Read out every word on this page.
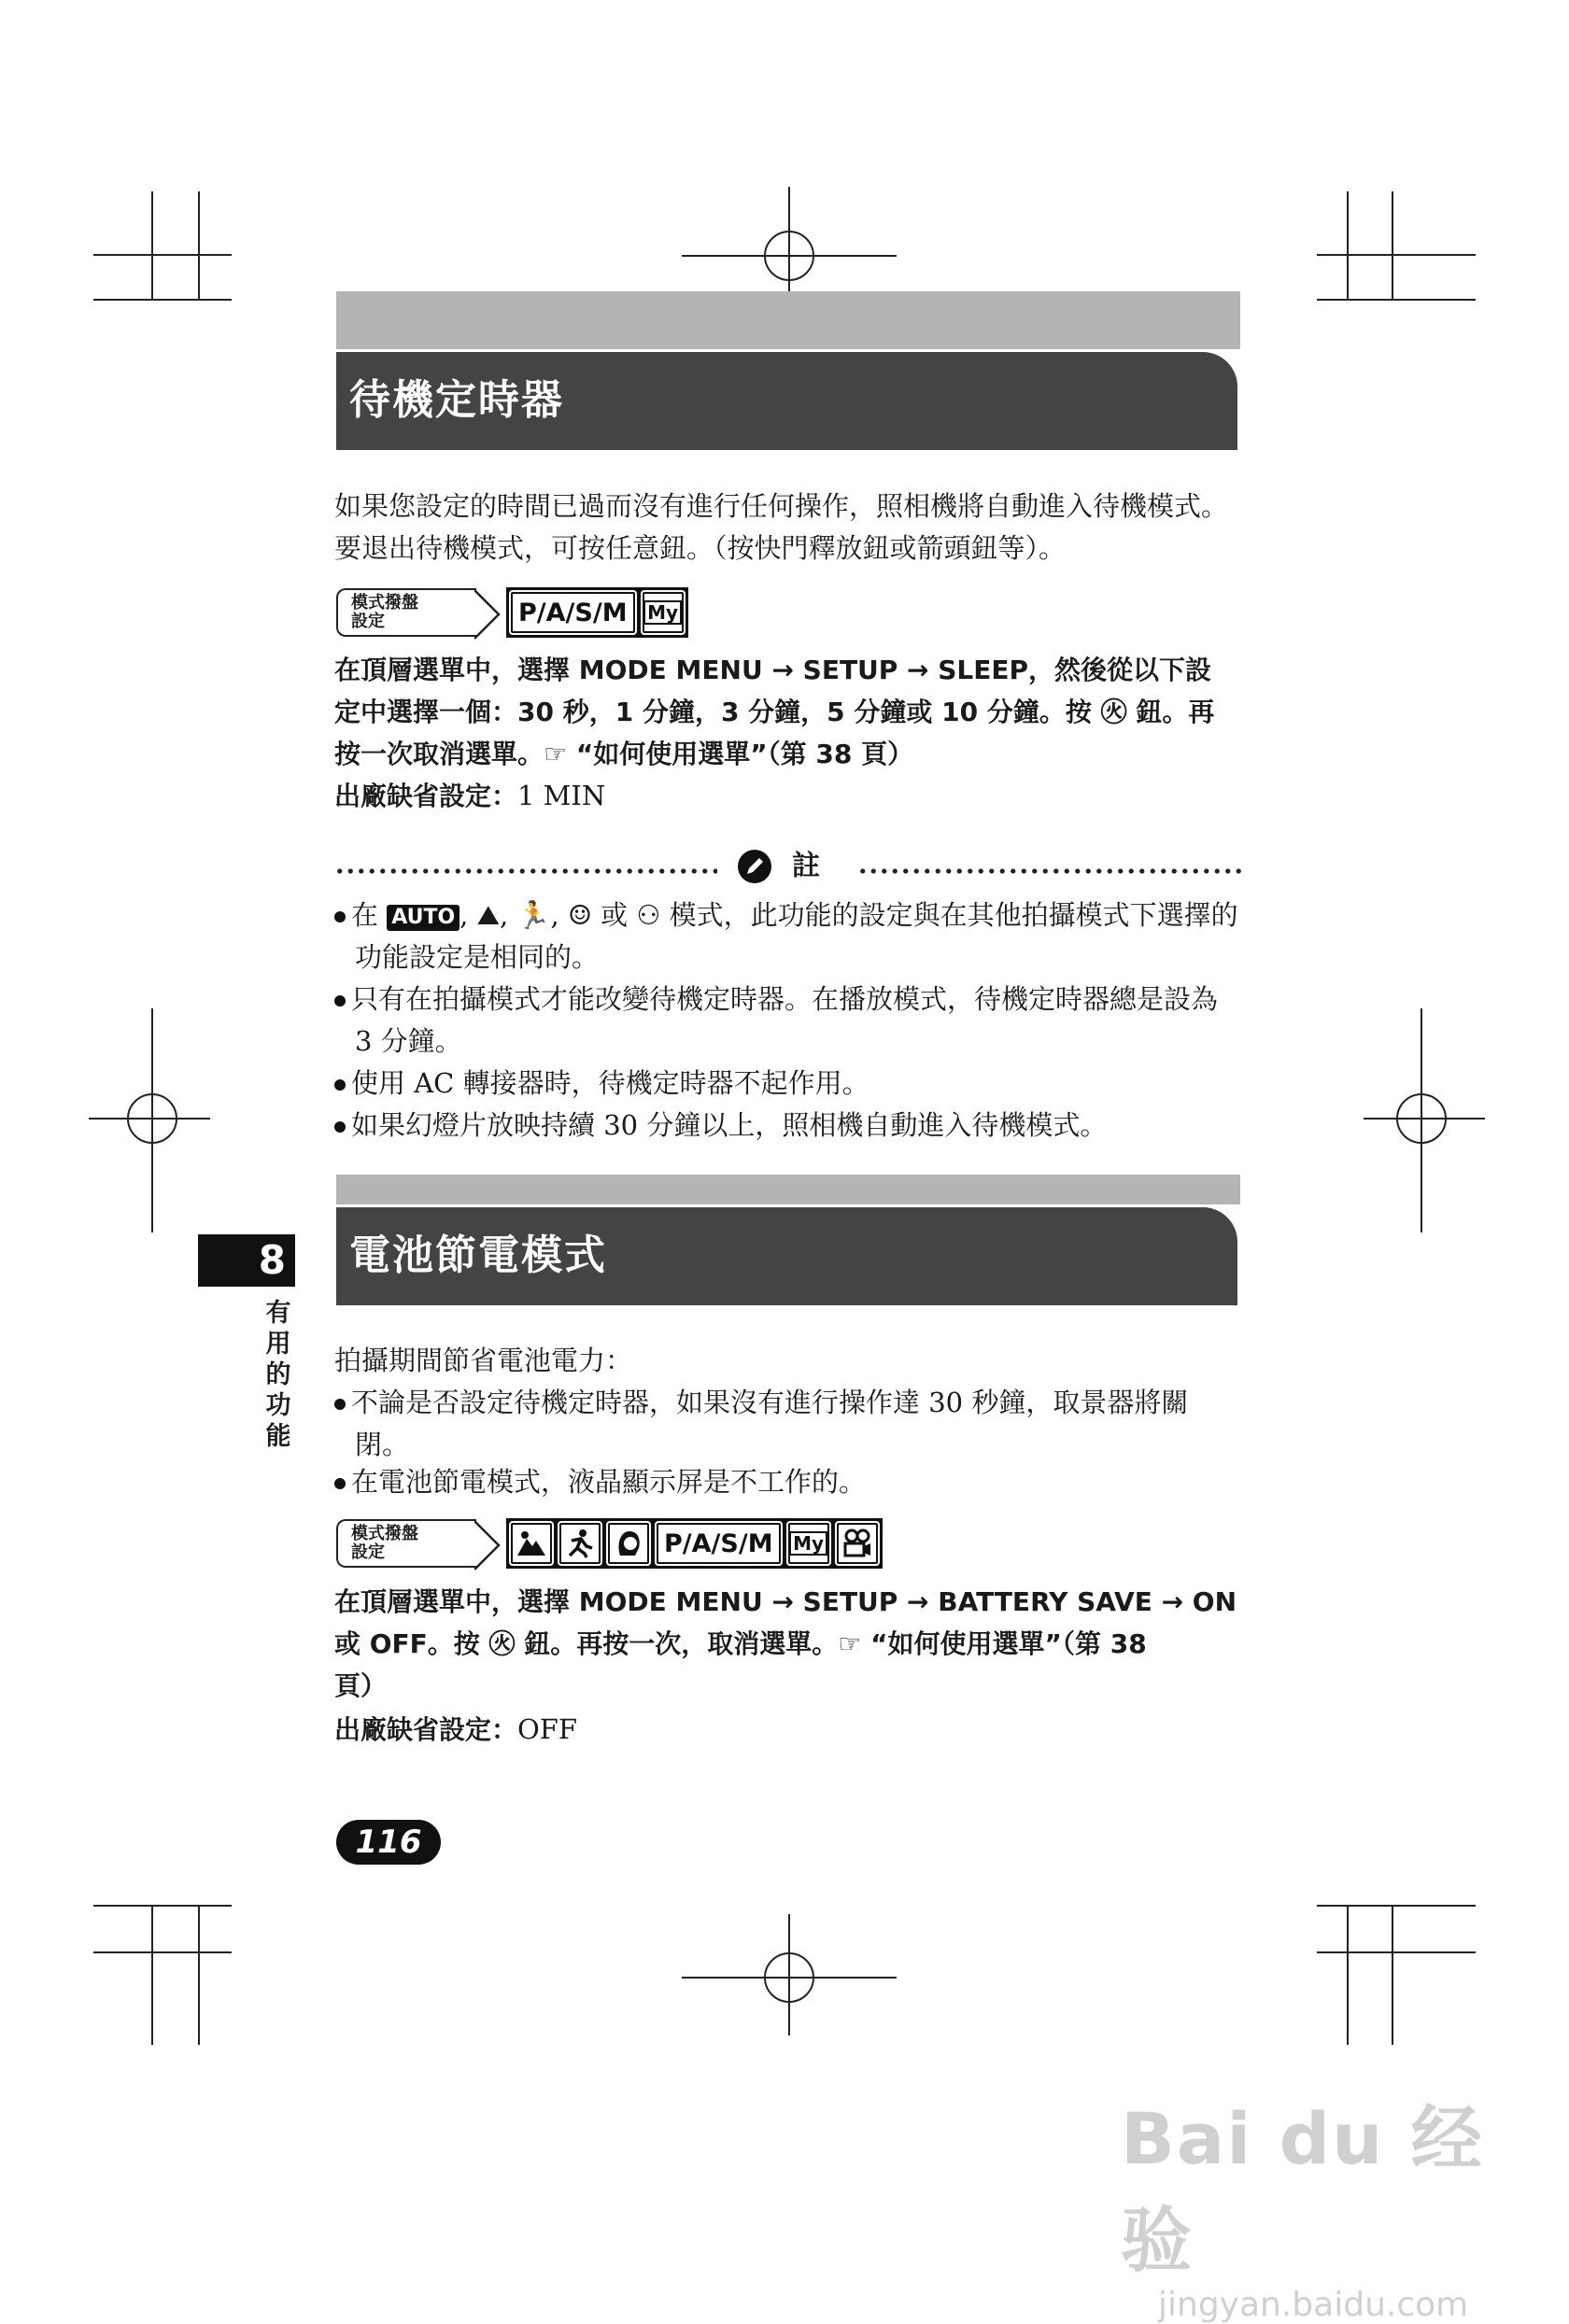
待機定時器
如果您設定的時間已過而沒有進行任何操作，照相機將自動進入待機模式。
要退出待機模式，可按任意鈕。（按快門釋放鈕或箭頭鈕等）。
模式撥盤
設定	P/A/S/M	My
在頂層選單中，選擇 MODE MENU → SETUP → SLEEP，然後從以下設
定中選擇一個：30 秒，1 分鐘，3 分鐘，5 分鐘或 10 分鐘。按 ㊋ 鈕。再
按一次取消選單。☞ “如何使用選單”（第 38 頁）
出廠缺省設定：1 MIN
註
在 AUTO , ⛰, 🏃, ☺ 或 ⚇ 模式，此功能的設定與在其他拍攝模式下選擇的
功能設定是相同的。
只有在拍攝模式才能改變待機定時器。在播放模式，待機定時器總是設為
3 分鐘。
使用 AC 轉接器時，待機定時器不起作用。
如果幻燈片放映持續 30 分鐘以上，照相機自動進入待機模式。
電池節電模式
8
有
用
的
功
能
拍攝期間節省電池電力：
不論是否設定待機定時器，如果沒有進行操作達 30 秒鐘，取景器將關
閉。
在電池節電模式，液晶顯示屏是不工作的。
模式撥盤
設定	P/A/S/M	My
在頂層選單中，選擇 MODE MENU → SETUP → BATTERY SAVE → ON
或 OFF。按 ㊋ 鈕。再按一次，取消選單。☞ “如何使用選單”（第 38
頁）
出廠缺省設定：OFF
116
Bai du 经验
jingyan.baidu.com
